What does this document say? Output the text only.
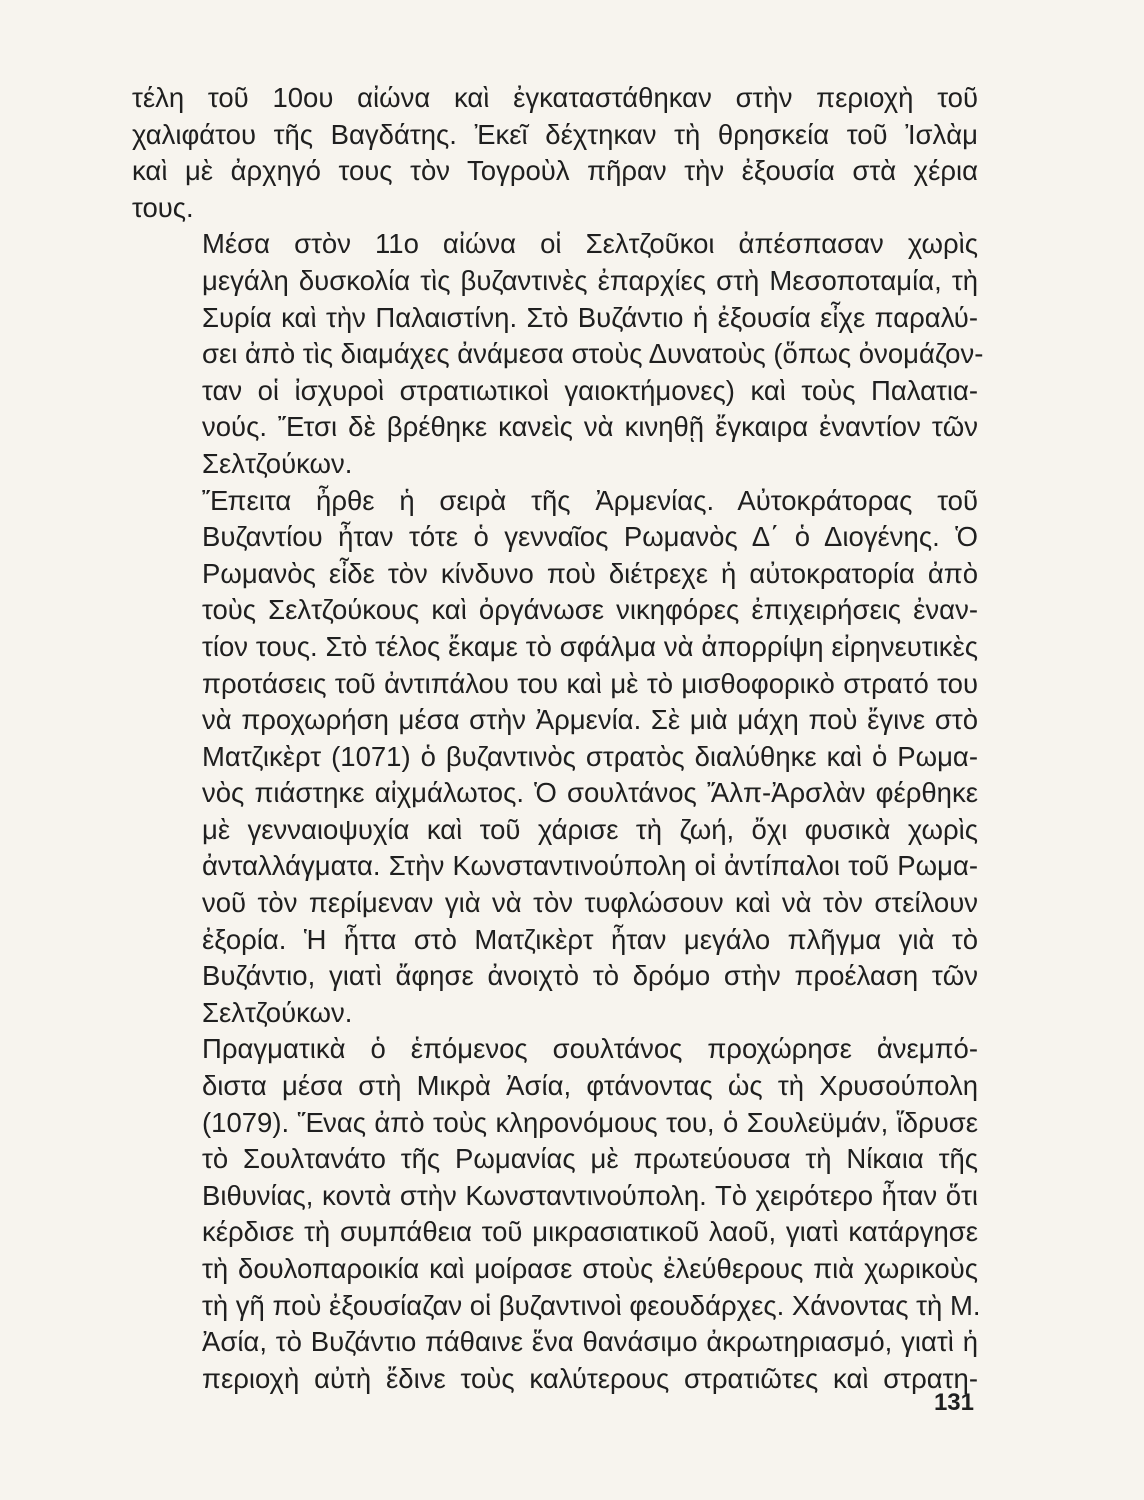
τέλη τοῦ 10ου αἰώνα καὶ ἐγκαταστάθηκαν στὴν περιοχὴ τοῦ
χαλιφάτου τῆς Βαγδάτης. Ἐκεῖ δέχτηκαν τὴ θρησκεία τοῦ Ἰσλὰμ
καὶ μὲ ἀρχηγό τους τὸν Τογροὺλ πῆραν τὴν ἐξουσία στὰ χέρια
τους.
Μέσα στὸν 11ο αἰώνα οἱ Σελτζοῦκοι ἀπέσπασαν χωρὶς
μεγάλη δυσκολία τὶς βυζαντινὲς ἐπαρχίες στὴ Μεσοποταμία, τὴ
Συρία καὶ τὴν Παλαιστίνη. Στὸ Βυζάντιο ἡ ἐξουσία εἶχε παραλύ-
σει ἀπὸ τὶς διαμάχες ἀνάμεσα στοὺς Δυνατοὺς (ὅπως ὀνομάζον-
ταν οἱ ἰσχυροὶ στρατιωτικοὶ γαιοκτήμονες) καὶ τοὺς Παλατια-
νούς. Ἔτσι δὲ βρέθηκε κανεὶς νὰ κινηθῇ ἔγκαιρα ἐναντίον τῶν
Σελτζούκων.
Ἔπειτα ἦρθε ἡ σειρὰ τῆς Ἀρμενίας. Αὐτοκράτορας τοῦ
Βυζαντίου ἦταν τότε ὁ γενναῖος Ρωμανὸς Δ΄ ὁ Διογένης. Ὁ
Ρωμανὸς εἶδε τὸν κίνδυνο ποὺ διέτρεχε ἡ αὐτοκρατορία ἀπὸ
τοὺς Σελτζούκους καὶ ὀργάνωσε νικηφόρες ἐπιχειρήσεις ἐναν-
τίον τους. Στὸ τέλος ἔκαμε τὸ σφάλμα νὰ ἀπορρίψη εἰρηνευτικὲς
προτάσεις τοῦ ἀντιπάλου του καὶ μὲ τὸ μισθοφορικὸ στρατό του
νὰ προχωρήση μέσα στὴν Ἀρμενία. Σὲ μιὰ μάχη ποὺ ἔγινε στὸ
Ματζικὲρτ (1071) ὁ βυζαντινὸς στρατὸς διαλύθηκε καὶ ὁ Ρωμα-
νὸς πιάστηκε αἰχμάλωτος. Ὁ σουλτάνος Ἄλπ-Ἀρσλὰν φέρθηκε
μὲ γενναιοψυχία καὶ τοῦ χάρισε τὴ ζωή, ὄχι φυσικὰ χωρὶς
ἀνταλλάγματα. Στὴν Κωνσταντινούπολη οἱ ἀντίπαλοι τοῦ Ρωμα-
νοῦ τὸν περίμεναν γιὰ νὰ τὸν τυφλώσουν καὶ νὰ τὸν στείλουν
ἐξορία. Ἡ ἧττα στὸ Ματζικὲρτ ἦταν μεγάλο πλῆγμα γιὰ τὸ
Βυζάντιο, γιατὶ ἄφησε ἀνοιχτὸ τὸ δρόμο στὴν προέλαση τῶν
Σελτζούκων.
Πραγματικὰ ὁ ἑπόμενος σουλτάνος προχώρησε ἀνεμπό-
διστα μέσα στὴ Μικρὰ Ἀσία, φτάνοντας ὡς τὴ Χρυσούπολη
(1079). Ἕνας ἀπὸ τοὺς κληρονόμους του, ὁ Σουλεϋμάν, ἵδρυσε
τὸ Σουλτανάτο τῆς Ρωμανίας μὲ πρωτεύουσα τὴ Νίκαια τῆς
Βιθυνίας, κοντὰ στὴν Κωνσταντινούπολη. Τὸ χειρότερο ἦταν ὅτι
κέρδισε τὴ συμπάθεια τοῦ μικρασιατικοῦ λαοῦ, γιατὶ κατάργησε
τὴ δουλοπαροικία καὶ μοίρασε στοὺς ἐλεύθερους πιὰ χωρικοὺς
τὴ γῆ ποὺ ἐξουσίαζαν οἱ βυζαντινοὶ φεουδάρχες. Χάνοντας τὴ Μ.
Ἀσία, τὸ Βυζάντιο πάθαινε ἕνα θανάσιμο ἀκρωτηριασμό, γιατὶ ἡ
περιοχὴ αὐτὴ ἔδινε τοὺς καλύτερους στρατιῶτες καὶ στρατη-
131
